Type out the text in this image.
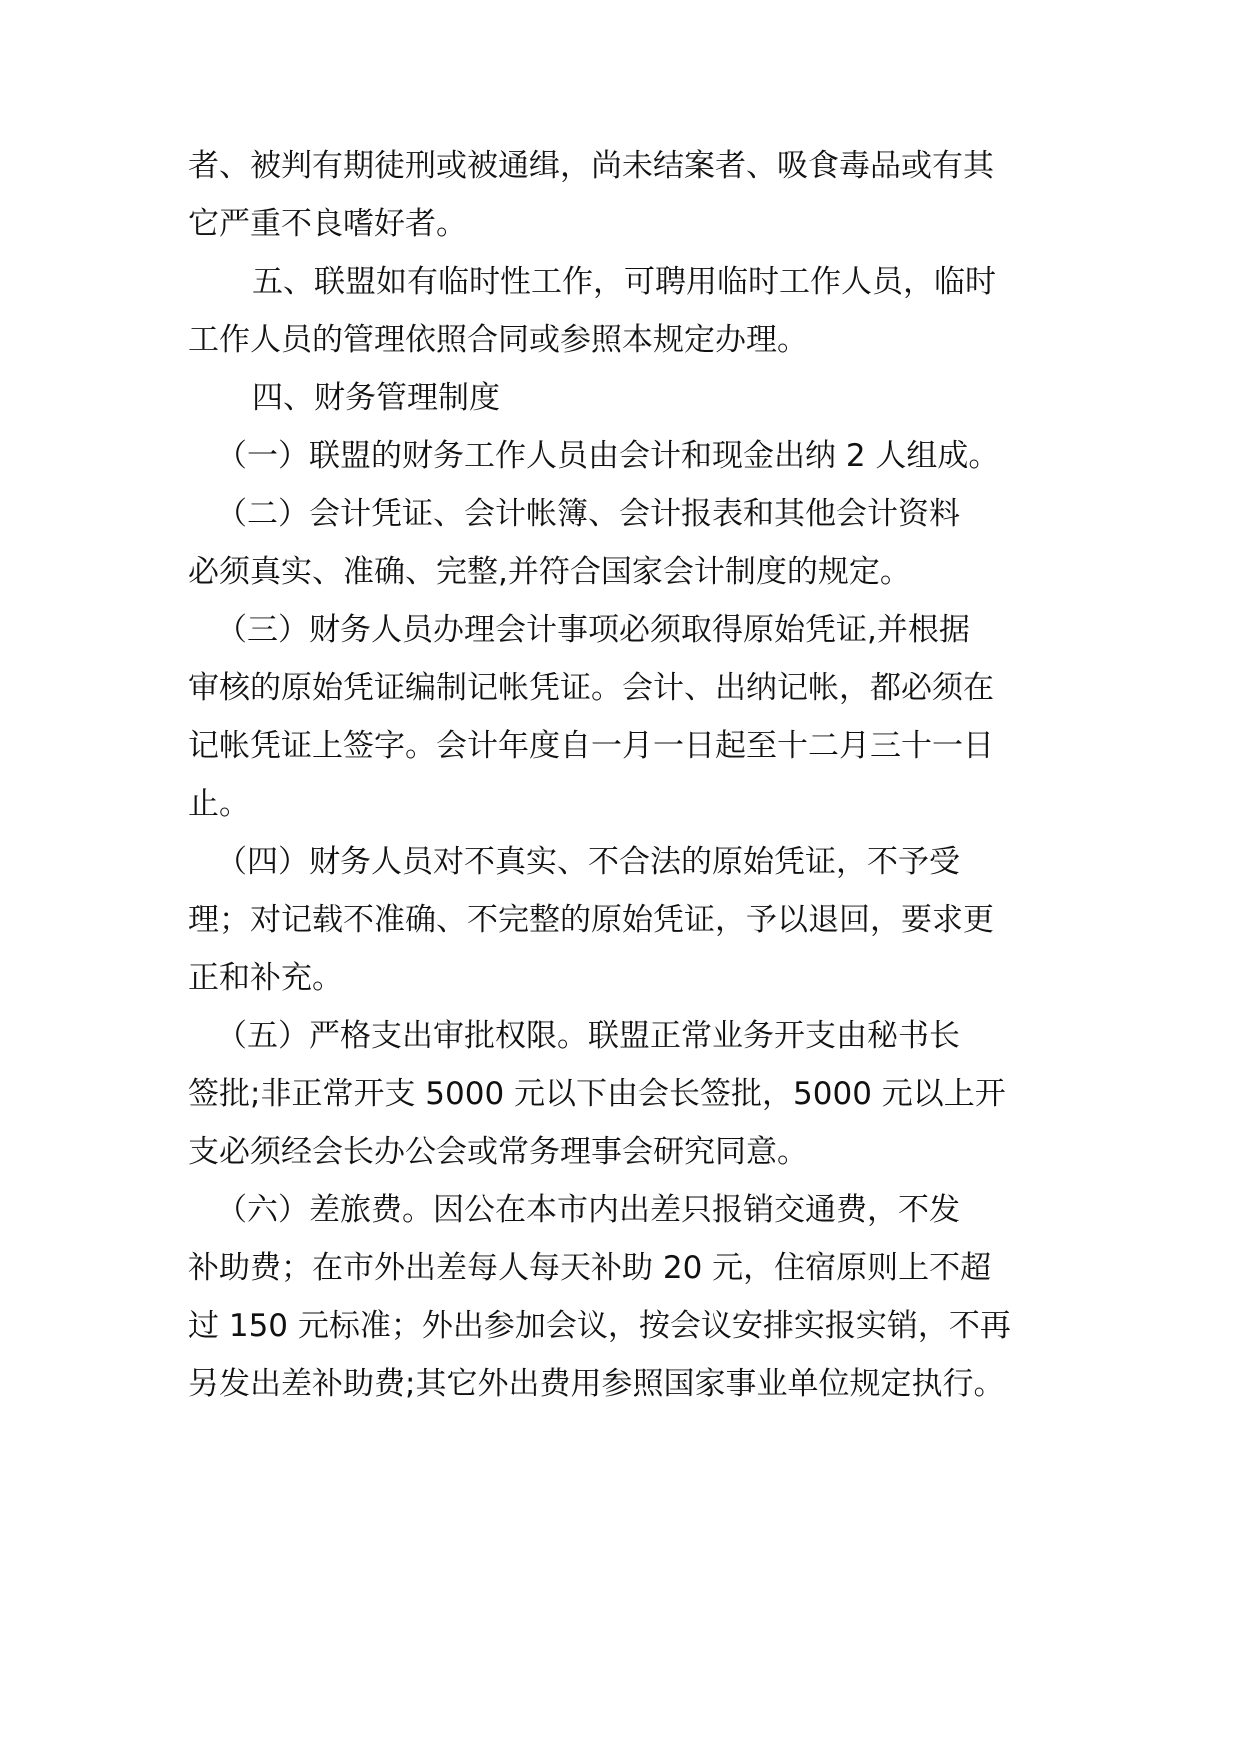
者、被判有期徒刑或被通缉，尚未结案者、吸食毒品或有其
它严重不良嗜好者。
五、联盟如有临时性工作，可聘用临时工作人员，临时
工作人员的管理依照合同或参照本规定办理。
四、财务管理制度
（一）联盟的财务工作人员由会计和现金出纳 2 人组成。
（二）会计凭证、会计帐簿、会计报表和其他会计资料
必须真实、准确、完整,并符合国家会计制度的规定。
（三）财务人员办理会计事项必须取得原始凭证,并根据
审核的原始凭证编制记帐凭证。会计、出纳记帐，都必须在
记帐凭证上签字。会计年度自一月一日起至十二月三十一日
止。
（四）财务人员对不真实、不合法的原始凭证，不予受
理；对记载不准确、不完整的原始凭证，予以退回，要求更
正和补充。
（五）严格支出审批权限。联盟正常业务开支由秘书长
签批;非正常开支 5000 元以下由会长签批，5000 元以上开
支必须经会长办公会或常务理事会研究同意。
（六）差旅费。因公在本市内出差只报销交通费，不发
补助费；在市外出差每人每天补助 20 元，住宿原则上不超
过 150 元标准；外出参加会议，按会议安排实报实销，不再
另发出差补助费;其它外出费用参照国家事业单位规定执行。
